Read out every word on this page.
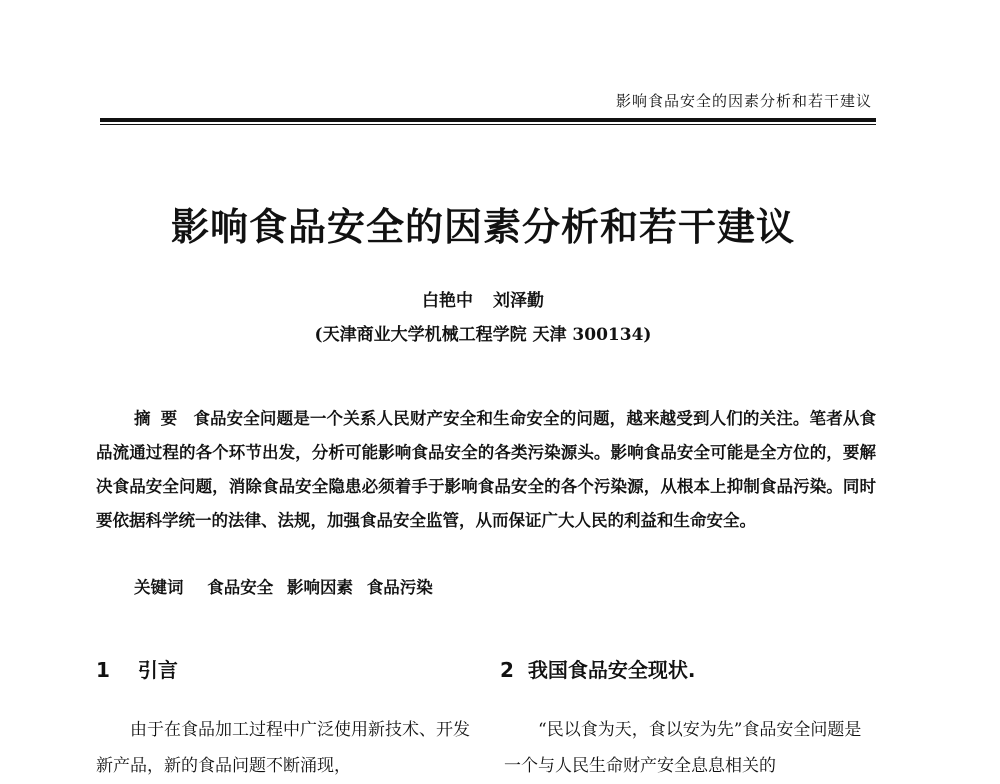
影响食品安全的因素分析和若干建议
影响食品安全的因素分析和若干建议
白艳中 刘泽勤
(天津商业大学机械工程学院 天津 300134)
摘要 食品安全问题是一个关系人民财产安全和生命安全的问题，越来越受到人们的关注。笔者从食品流通过程的各个环节出发，分析可能影响食品安全的各类污染源头。影响食品安全可能是全方位的，要解决食品安全问题，消除食品安全隐患必须着手于影响食品安全的各个污染源，从根本上抑制食品污染。同时要依据科学统一的法律、法规，加强食品安全监管，从而保证广大人民的利益和生命安全。
关键词 食品安全 影响因素 食品污染
1 引言	2 我国食品安全现状.
由于在食品加工过程中广泛使用新技术、开发新产品，新的食品问题不断涌现，
“民以食为天，食以安为先”食品安全问题是一个与人民生命财产安全息息相关的
